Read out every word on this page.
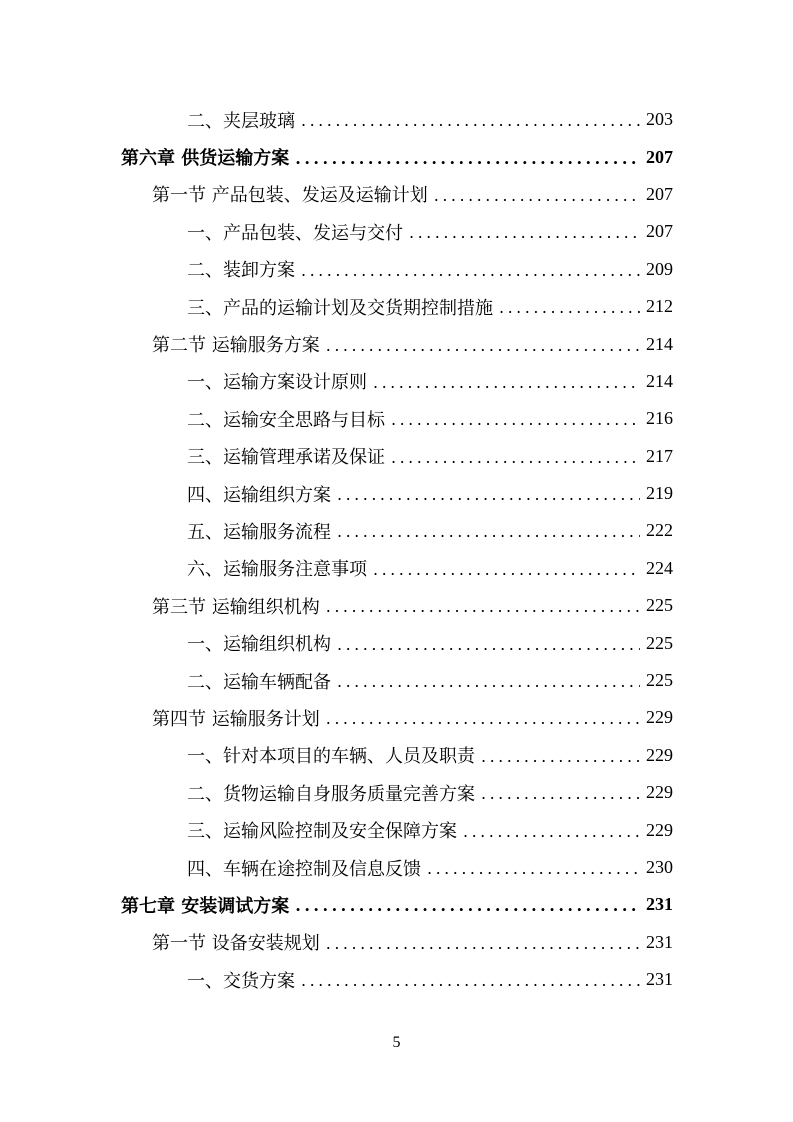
二、夹层玻璃 .....	203
第六章 供货运输方案 .....	207
第一节 产品包装、发运及运输计划 .....	207
一、产品包装、发运与交付 .....	207
二、装卸方案 .....	209
三、产品的运输计划及交货期控制措施 .....	212
第二节 运输服务方案 .....	214
一、运输方案设计原则 .....	214
二、运输安全思路与目标 .....	216
三、运输管理承诺及保证 .....	217
四、运输组织方案 .....	219
五、运输服务流程 .....	222
六、运输服务注意事项 .....	224
第三节 运输组织机构 .....	225
一、运输组织机构 .....	225
二、运输车辆配备 .....	225
第四节 运输服务计划 .....	229
一、针对本项目的车辆、人员及职责 .....	229
二、货物运输自身服务质量完善方案 .....	229
三、运输风险控制及安全保障方案 .....	229
四、车辆在途控制及信息反馈 .....	230
第七章 安装调试方案 .....	231
第一节 设备安装规划 .....	231
一、交货方案 .....	231
5
